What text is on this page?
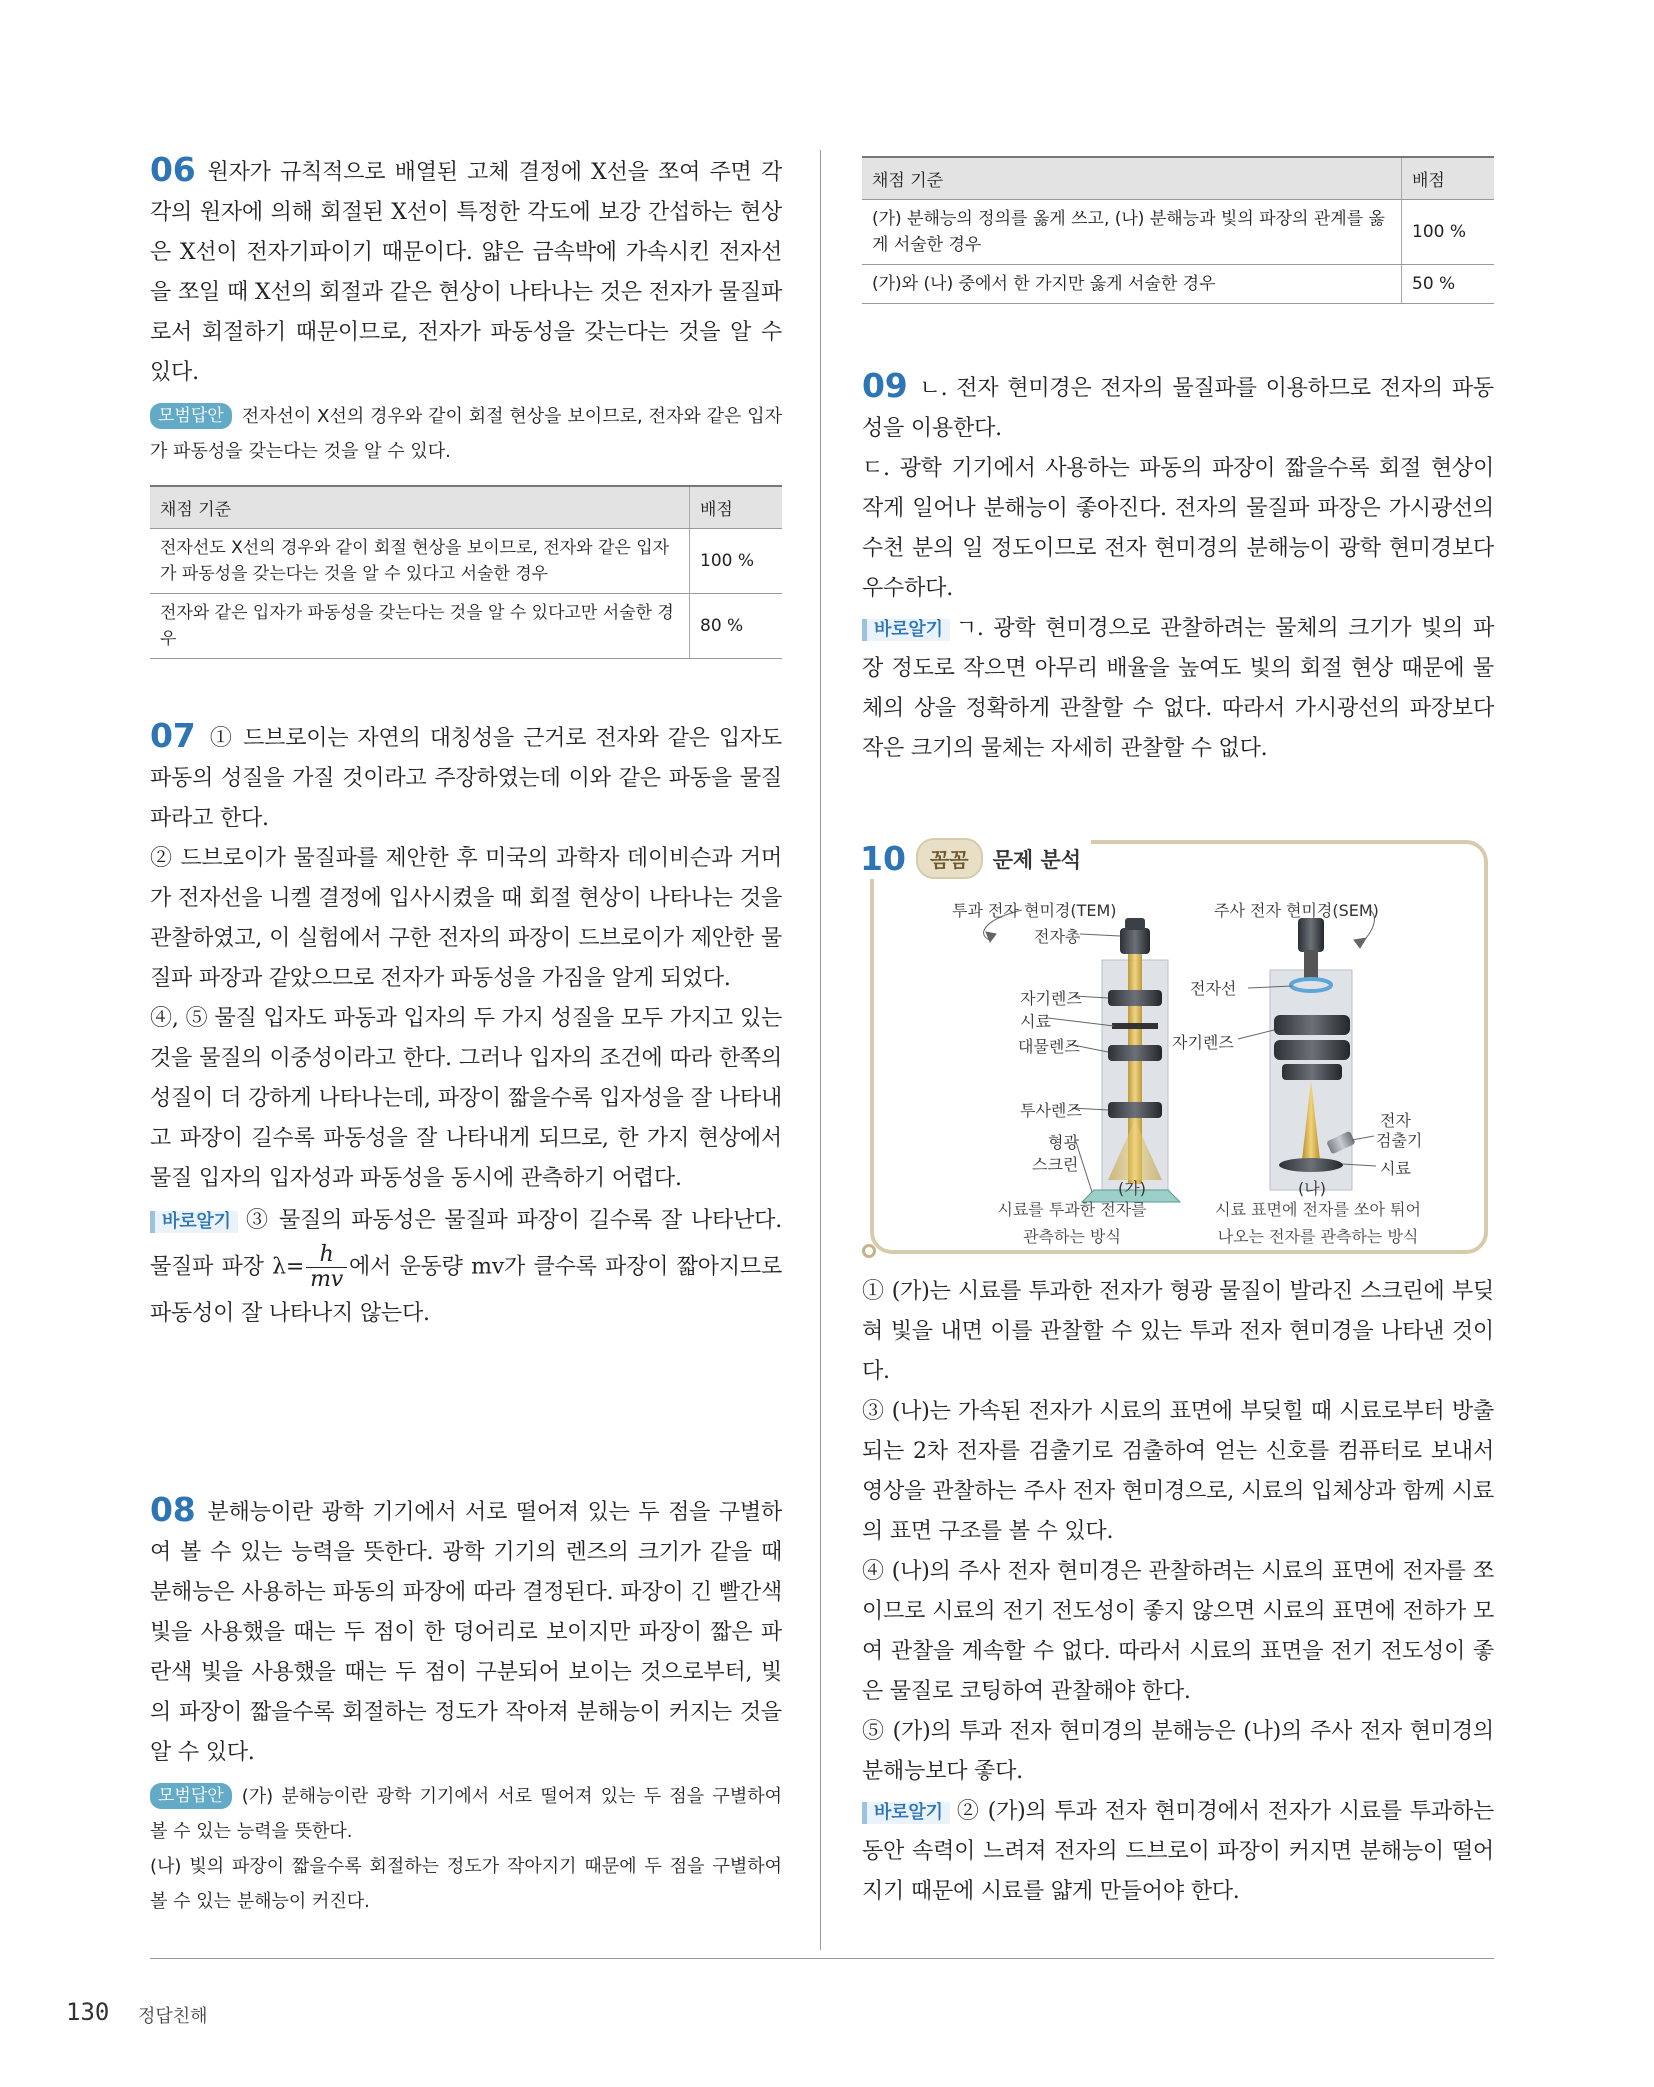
06 원자가 규칙적으로 배열된 고체 결정에 X선을 쪼여 주면 각각의 원자에 의해 회절된 X선이 특정한 각도에 보강 간섭하는 현상은 X선이 전자기파이기 때문이다. 얇은 금속박에 가속시킨 전자선을 쪼일 때 X선의 회절과 같은 현상이 나타나는 것은 전자가 물질파로서 회절하기 때문이므로, 전자가 파동성을 갖는다는 것을 알 수 있다.

모범답안 전자선이 X선의 경우와 같이 회절 현상을 보이므로, 전자와 같은 입자가 파동성을 갖는다는 것을 알 수 있다.

채점 기준	배점
전자선도 X선의 경우와 같이 회절 현상을 보이므로, 전자와 같은 입자가 파동성을 갖는다는 것을 알 수 있다고 서술한 경우	100 %
전자와 같은 입자가 파동성을 갖는다는 것을 알 수 있다고만 서술한 경우	80 %

07 ① 드브로이는 자연의 대칭성을 근거로 전자와 같은 입자도 파동의 성질을 가질 것이라고 주장하였는데 이와 같은 파동을 물질파라고 한다.

② 드브로이가 물질파를 제안한 후 미국의 과학자 데이비슨과 거머가 전자선을 니켈 결정에 입사시켰을 때 회절 현상이 나타나는 것을 관찰하였고, 이 실험에서 구한 전자의 파장이 드브로이가 제안한 물질파 파장과 같았으므로 전자가 파동성을 가짐을 알게 되었다.

④, ⑤ 물질 입자도 파동과 입자의 두 가지 성질을 모두 가지고 있는 것을 물질의 이중성이라고 한다. 그러나 입자의 조건에 따라 한쪽의 성질이 더 강하게 나타나는데, 파장이 짧을수록 입자성을 잘 나타내고 파장이 길수록 파동성을 잘 나타내게 되므로, 한 가지 현상에서 물질 입자의 입자성과 파동성을 동시에 관측하기 어렵다.

바로알기 ③ 물질의 파동성은 물질파 파장이 길수록 잘 나타난다. 물질파 파장 $\lambda= \frac{h}{mv}$ 에서 운동량 mv가 클수록 파장이 짧아지므로 파동성이 잘 나타나지 않는다.

08 분해능이란 광학 기기에서 서로 떨어져 있는 두 점을 구별하여 볼 수 있는 능력을 뜻한다. 광학 기기의 렌즈의 크기가 같을 때 분해능은 사용하는 파동의 파장에 따라 결정된다. 파장이 긴 빨간색 빛을 사용했을 때는 두 점이 한 덩어리로 보이지만 파장이 짧은 파란색 빛을 사용했을 때는 두 점이 구분되어 보이는 것으로부터, 빛의 파장이 짧을수록 회절하는 정도가 작아져 분해능이 커지는 것을 알 수 있다.

모범답안 (가) 분해능이란 광학 기기에서 서로 떨어져 있는 두 점을 구별하여 볼 수 있는 능력을 뜻한다.

(나) 빛의 파장이 짧을수록 회절하는 정도가 작아지기 때문에 두 점을 구별하여 볼 수 있는 분해능이 커진다.

채점 기준	배점
(가) 분해능의 정의를 옳게 쓰고, (나) 분해능과 빛의 파장의 관계를 옳게 서술한 경우	100 %
(가)와 (나) 중에서 한 가지만 옳게 서술한 경우	50 %

09 ㄴ. 전자 현미경은 전자의 물질파를 이용하므로 전자의 파동성을 이용한다.

ㄷ. 광학 기기에서 사용하는 파동의 파장이 짧을수록 회절 현상이 작게 일어나 분해능이 좋아진다. 전자의 물질파 파장은 가시광선의 수천 분의 일 정도이므로 전자 현미경의 분해능이 광학 현미경보다 우수하다.

바로알기 ㄱ. 광학 현미경으로 관찰하려는 물체의 크기가 빛의 파장 정도로 작으면 아무리 배율을 높여도 빛의 회절 현상 때문에 물체의 상을 정확하게 관찰할 수 없다. 따라서 가시광선의 파장보다 작은 크기의 물체는 자세히 관찰할 수 없다.

10	꼼꼼	문제 분석
투과 전자 현미경(TEM)	주사 전자 현미경(SEM)
전자총
자기렌즈
시료
대물렌즈
투사렌즈
형광
스크린
전자선
자기렌즈
전자
검출기
시료
(가)	(나)
시료를 투과한 전자를
관측하는 방식
시료 표면에 전자를 쏘아 튀어
나오는 전자를 관측하는 방식

① (가)는 시료를 투과한 전자가 형광 물질이 발라진 스크린에 부딪혀 빛을 내면 이를 관찰할 수 있는 투과 전자 현미경을 나타낸 것이다.

③ (나)는 가속된 전자가 시료의 표면에 부딪힐 때 시료로부터 방출되는 2차 전자를 검출기로 검출하여 얻는 신호를 컴퓨터로 보내서 영상을 관찰하는 주사 전자 현미경으로, 시료의 입체상과 함께 시료의 표면 구조를 볼 수 있다.

④ (나)의 주사 전자 현미경은 관찰하려는 시료의 표면에 전자를 쪼이므로 시료의 전기 전도성이 좋지 않으면 시료의 표면에 전하가 모여 관찰을 계속할 수 없다. 따라서 시료의 표면을 전기 전도성이 좋은 물질로 코팅하여 관찰해야 한다.

⑤ (가)의 투과 전자 현미경의 분해능은 (나)의 주사 전자 현미경의 분해능보다 좋다.

바로알기 ② (가)의 투과 전자 현미경에서 전자가 시료를 투과하는 동안 속력이 느려져 전자의 드브로이 파장이 커지면 분해능이 떨어지기 때문에 시료를 얇게 만들어야 한다.

130 정답친해
